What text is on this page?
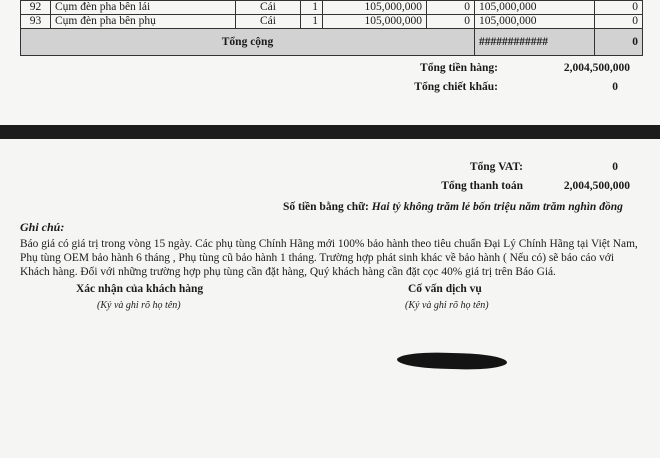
92	Cụm đèn pha bên lái	Cái	1	105,000,000	0	105,000,000	0
93	Cụm đèn pha bên phụ	Cái	1	105,000,000	0	105,000,000	0
Tổng cộng						############	0
Tổng tiền hàng:	2,004,500,000
Tổng chiết khấu:	0
Tổng VAT:	0
Tổng thanh toán	2,004,500,000
Số tiền bằng chữ: Hai tỷ không trăm lẻ bốn triệu năm trăm nghìn đồng
Ghi chú:
Báo giá có giá trị trong vòng 15 ngày. Các phụ tùng Chính Hãng mới 100% bảo hành theo tiêu chuẩn Đại Lý Chính Hãng tại Việt Nam,
Phụ tùng OEM bảo hành 6 tháng , Phụ tùng cũ bảo hành 1 tháng. Trường hợp phát sinh khác về bảo hành ( Nếu có) sẽ báo cáo với
Khách hàng. Đối với những trường hợp phụ tùng cần đặt hàng, Quý khách hàng cần đặt cọc 40% giá trị trên Báo Giá.
Xác nhận của khách hàng
(Ký và ghi rõ họ tên)
Cố vấn dịch vụ
(Ký và ghi rõ họ tên)
